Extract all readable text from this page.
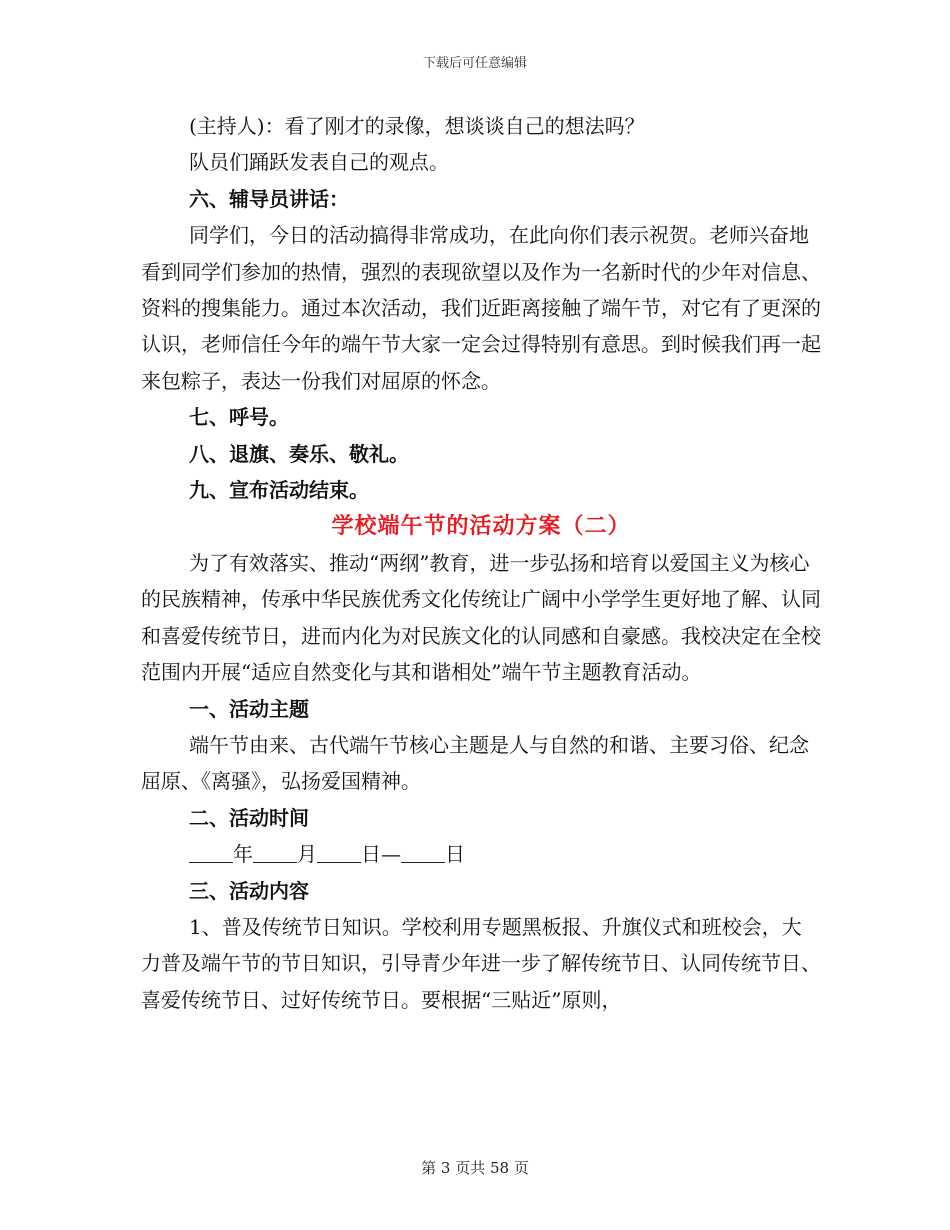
下载后可任意编辑

(主持人)：看了刚才的录像，想谈谈自己的想法吗？

队员们踊跃发表自己的观点。

六、辅导员讲话：

同学们，今日的活动搞得非常成功，在此向你们表示祝贺。老师兴奋地看到同学们参加的热情，强烈的表现欲望以及作为一名新时代的少年对信息、资料的搜集能力。通过本次活动，我们近距离接触了端午节，对它有了更深的认识，老师信任今年的端午节大家一定会过得特别有意思。到时候我们再一起来包粽子，表达一份我们对屈原的怀念。

七、呼号。

八、退旗、奏乐、敬礼。

九、宣布活动结束。

学校端午节的活动方案（二）

为了有效落实、推动“两纲”教育，进一步弘扬和培育以爱国主义为核心的民族精神，传承中华民族优秀文化传统让广阔中小学学生更好地了解、认同和喜爱传统节日，进而内化为对民族文化的认同感和自豪感。我校决定在全校范围内开展“适应自然变化与其和谐相处”端午节主题教育活动。

一、活动主题

端午节由来、古代端午节核心主题是人与自然的和谐、主要习俗、纪念屈原、《离骚》，弘扬爱国精神。

二、活动时间

年 月 日— 日

三、活动内容

1、普及传统节日知识。学校利用专题黑板报、升旗仪式和班校会，大力普及端午节的节日知识，引导青少年进一步了解传统节日、认同传统节日、喜爱传统节日、过好传统节日。要根据“三贴近”原则，

第 3 页共 58 页
